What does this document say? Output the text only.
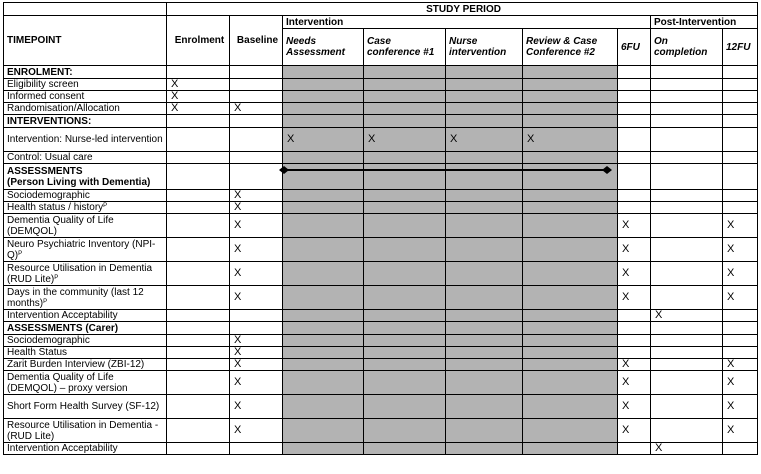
	STUDY PERIOD								
TIMEPOINT	Enrolment	Baseline	Intervention					Post-Intervention	
			Needs Assessment	Case conference #1	Nurse intervention	Review & Case Conference #2	6FU	On completion	12FU
ENROLMENT:									
Eligibility screen	X								
Informed consent	X								
Randomisation/Allocation	X	X							
INTERVENTIONS:									
Intervention: Nurse-led intervention			X	X	X	X			
Control: Usual care									
ASSESSMENTS
(Person Living with Dementia)									
Sociodemographic		X							
Health status / history$^P$		X							
Dementia Quality of Life (DEMQOL)		X					X		X
Neuro Psychiatric Inventory $(NPI-Q)^P$		X					X		X
Resource Utilisation in Dementia (RUD Lite)$^P$		X					X		X
Days in the community (last 12 months)$^P$		X					X		X
Intervention Acceptability								X	
ASSESSMENTS (Carer)									
Sociodemographic		X							
Health Status		X							
Zarit Burden Interview (ZBI-12)		X					X		X
Dementia Quality of Life (DEMQOL) – proxy version		X					X		X
Short Form Health Survey (SF-12)		X					X		X
Resource Utilisation in Dementia - (RUD Lite)		X					X		X
Intervention Acceptability								X	
